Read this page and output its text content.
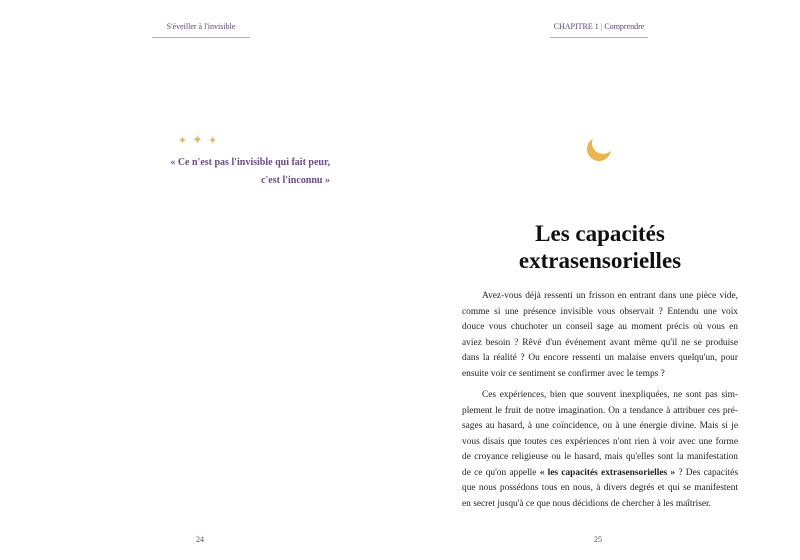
S'éveiller à l'invisible
✦✦✦
« Ce n'est pas l'invisible qui fait peur,
c'est l'inconnu »
24
CHAPITRE 1 | Comprendre
Les capacités
extrasensorielles

Avez-vous déjà ressenti un frisson en entrant dans une pièce vide,
comme si une présence invisible vous observait ? Entendu une voix
douce vous chuchoter un conseil sage au moment précis où vous en
aviez besoin ? Rêvé d'un événement avant même qu'il ne se produise
dans la réalité ? Ou encore ressenti un malaise envers quelqu'un, pour
ensuite voir ce sentiment se confirmer avec le temps ?

Ces expériences, bien que souvent inexpliquées, ne sont pas sim-
plement le fruit de notre imagination. On a tendance à attribuer ces pré-
sages au hasard, à une coïncidence, ou à une énergie divine. Mais si je
vous disais que toutes ces expériences n'ont rien à voir avec une forme
de croyance religieuse ou le hasard, mais qu'elles sont la manifestation
de ce qu'on appelle « les capacités extrasensorielles » ? Des capacités
que nous possédons tous en nous, à divers degrés et qui se manifestent
en secret jusqu'à ce que nous décidions de chercher à les maîtriser.

25
